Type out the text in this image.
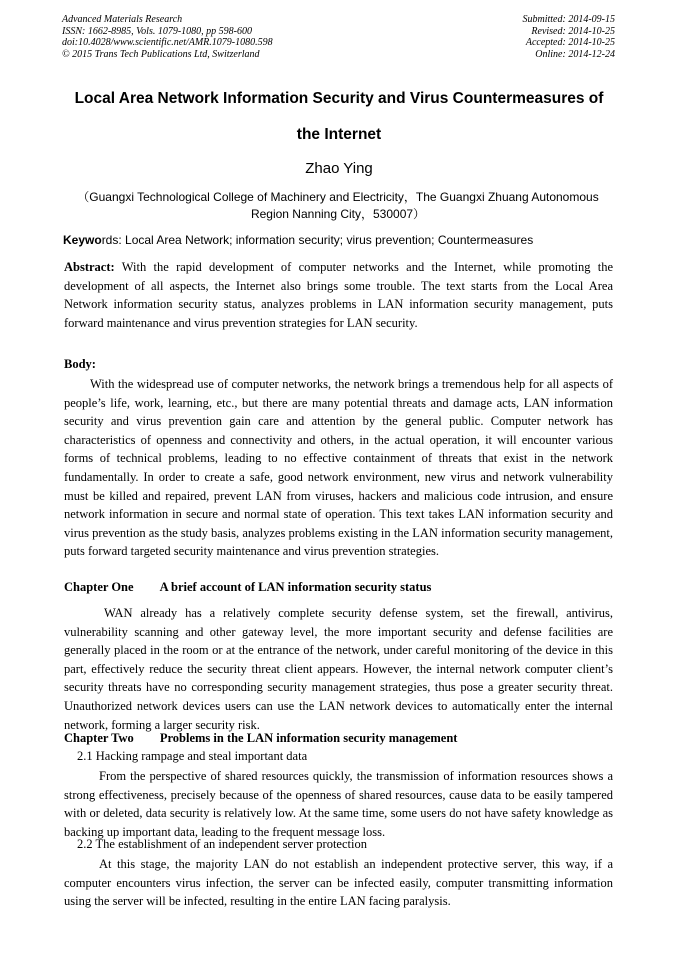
Advanced Materials Research
ISSN: 1662-8985, Vols. 1079-1080, pp 598-600
doi:10.4028/www.scientific.net/AMR.1079-1080.598
© 2015 Trans Tech Publications Ltd, Switzerland
Submitted: 2014-09-15
Revised: 2014-10-25
Accepted: 2014-10-25
Online: 2014-12-24
Local Area Network Information Security and Virus Countermeasures of
the Internet
Zhao Ying
（Guangxi Technological College of Machinery and Electricity，The Guangxi Zhuang Autonomous Region Nanning City，530007）
Keywords: Local Area Network; information security; virus prevention; Countermeasures
Abstract: With the rapid development of computer networks and the Internet, while promoting the development of all aspects, the Internet also brings some trouble. The text starts from the Local Area Network information security status, analyzes problems in LAN information security management, puts forward maintenance and virus prevention strategies for LAN security.
Body:
With the widespread use of computer networks, the network brings a tremendous help for all aspects of people’s life, work, learning, etc., but there are many potential threats and damage acts, LAN information security and virus prevention gain care and attention by the general public. Computer network has characteristics of openness and connectivity and others, in the actual operation, it will encounter various forms of technical problems, leading to no effective containment of threats that exist in the network fundamentally. In order to create a safe, good network environment, new virus and network vulnerability must be killed and repaired, prevent LAN from viruses, hackers and malicious code intrusion, and ensure network information in secure and normal state of operation. This text takes LAN information security and virus prevention as the study basis, analyzes problems existing in the LAN information security management, puts forward targeted security maintenance and virus prevention strategies.
Chapter One A brief account of LAN information security status
WAN already has a relatively complete security defense system, set the firewall, antivirus, vulnerability scanning and other gateway level, the more important security and defense facilities are generally placed in the room or at the entrance of the network, under careful monitoring of the device in this part, effectively reduce the security threat client appears. However, the internal network computer client’s security threats have no corresponding security management strategies, thus pose a greater security threat. Unauthorized network devices users can use the LAN network devices to automatically enter the internal network, forming a larger security risk.
Chapter Two Problems in the LAN information security management
2.1 Hacking rampage and steal important data
From the perspective of shared resources quickly, the transmission of information resources shows a strong effectiveness, precisely because of the openness of shared resources, cause data to be easily tampered with or deleted, data security is relatively low. At the same time, some users do not have safety knowledge as backing up important data, leading to the frequent message loss.
2.2 The establishment of an independent server protection
At this stage, the majority LAN do not establish an independent protective server, this way, if a computer encounters virus infection, the server can be infected easily, computer transmitting information using the server will be infected, resulting in the entire LAN facing paralysis.
